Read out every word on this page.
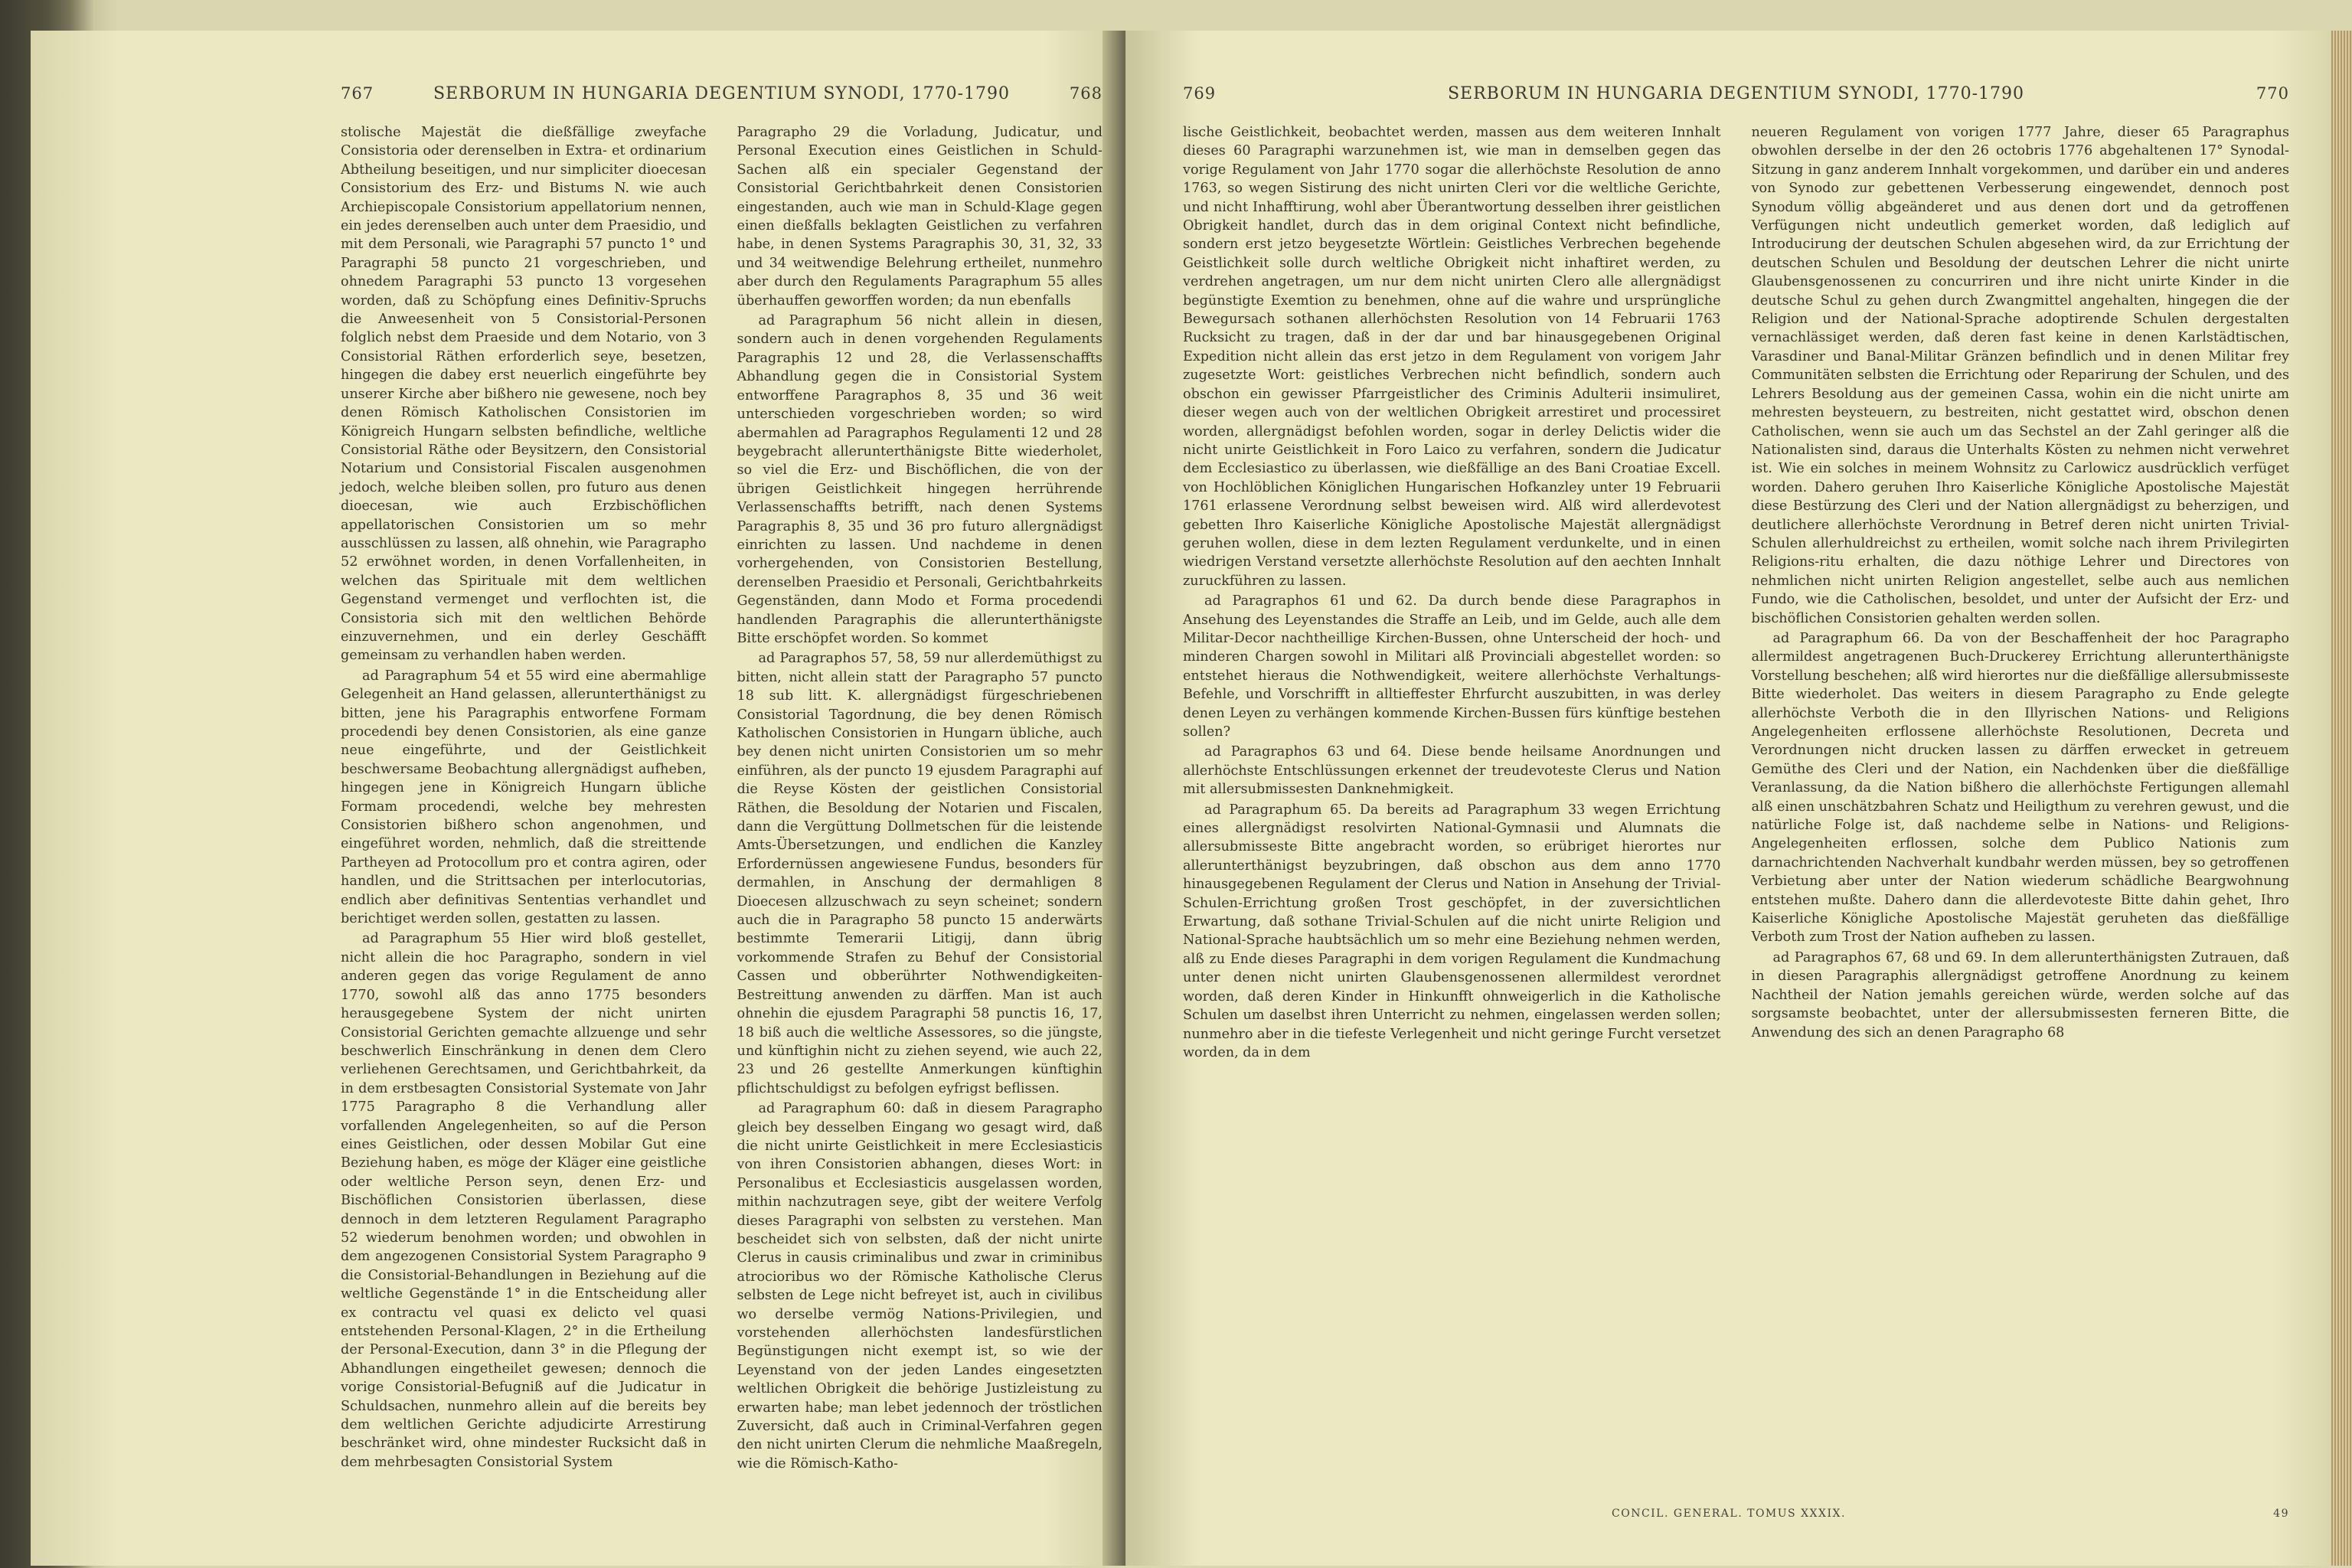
767	SERBORUM IN HUNGARIA DEGENTIUM SYNODI, 1770-1790	768

stolische Majestät die dießfällige zweyfache Consistoria oder derenselben in Extra- et ordinarium Abtheilung beseitigen, und nur simpliciter dioecesan Consistorium des Erz- und Bistums N. wie auch Archiepiscopale Consistorium appellatorium nennen, ein jedes derenselben auch unter dem Praesidio, und mit dem Personali, wie Paragraphi 57 puncto 1° und Paragraphi 58 puncto 21 vorgeschrieben, und ohnedem Paragraphi 53 puncto 13 vorgesehen worden, daß zu Schöpfung eines Definitiv-Spruchs die Anweesenheit von 5 Consistorial-Personen folglich nebst dem Praeside und dem Notario, von 3 Consistorial Räthen erforderlich seye, besetzen, hingegen die dabey erst neuerlich eingeführte bey unserer Kirche aber bißhero nie gewesene, noch bey denen Römisch Katholischen Consistorien im Königreich Hungarn selbsten befindliche, weltliche Consistorial Räthe oder Beysitzern, den Consistorial Notarium und Consistorial Fiscalen ausgenohmen jedoch, welche bleiben sollen, pro futuro aus denen dioecesan, wie auch Erzbischöflichen appellatorischen Consistorien um so mehr ausschlüssen zu lassen, alß ohnehin, wie Paragrapho 52 erwöhnet worden, in denen Vorfallenheiten, in welchen das Spirituale mit dem weltlichen Gegenstand vermenget und verflochten ist, die Consistoria sich mit den weltlichen Behörde einzuvernehmen, und ein derley Geschäfft gemeinsam zu verhandlen haben werden.

ad Paragraphum 54 et 55 wird eine abermahlige Gelegenheit an Hand gelassen, allerunterthänigst zu bitten, jene his Paragraphis entworfene Formam procedendi bey denen Consistorien, als eine ganze neue eingeführte, und der Geistlichkeit beschwersame Beobachtung allergnädigst aufheben, hingegen jene in Königreich Hungarn übliche Formam procedendi, welche bey mehresten Consistorien bißhero schon angenohmen, und eingeführet worden, nehmlich, daß die streittende Partheyen ad Protocollum pro et contra agiren, oder handlen, und die Strittsachen per interlocutorias, endlich aber definitivas Sententias verhandlet und berichtiget werden sollen, gestatten zu lassen.

ad Paragraphum 55 Hier wird bloß gestellet, nicht allein die hoc Paragrapho, sondern in viel anderen gegen das vorige Regulament de anno 1770, sowohl alß das anno 1775 besonders herausgegebene System der nicht unirten Consistorial Gerichten gemachte allzuenge und sehr beschwerlich Einschränkung in denen dem Clero verliehenen Gerechtsamen, und Gerichtbahrkeit, da in dem erstbesagten Consistorial Systemate von Jahr 1775 Paragrapho 8 die Verhandlung aller vorfallenden Angelegenheiten, so auf die Person eines Geistlichen, oder dessen Mobilar Gut eine Beziehung haben, es möge der Kläger eine geistliche oder weltliche Person seyn, denen Erz- und Bischöflichen Consistorien überlassen, diese dennoch in dem letzteren Regulament Paragrapho 52 wiederum benohmen worden; und obwohlen in dem angezogenen Consistorial System Paragrapho 9 die Consistorial-Behandlungen in Beziehung auf die weltliche Gegenstände 1° in die Entscheidung aller ex contractu vel quasi ex delicto vel quasi entstehenden Personal-Klagen, 2° in die Ertheilung der Personal-Execution, dann 3° in die Pflegung der Abhandlungen eingetheilet gewesen; dennoch die vorige Consistorial-Befugniß auf die Judicatur in Schuldsachen, nunmehro allein auf die bereits bey dem weltlichen Gerichte adjudicirte Arrestirung beschränket wird, ohne mindester Rucksicht daß in dem mehrbesagten Consistorial System

Paragrapho 29 die Vorladung, Judicatur, und Personal Execution eines Geistlichen in Schuld-Sachen alß ein specialer Gegenstand der Consistorial Gerichtbahrkeit denen Consistorien eingestanden, auch wie man in Schuld-Klage gegen einen dießfalls beklagten Geistlichen zu verfahren habe, in denen Systems Paragraphis 30, 31, 32, 33 und 34 weitwendige Belehrung ertheilet, nunmehro aber durch den Regulaments Paragraphum 55 alles überhauffen geworffen worden; da nun ebenfalls

ad Paragraphum 56 nicht allein in diesen, sondern auch in denen vorgehenden Regulaments Paragraphis 12 und 28, die Verlassenschaffts Abhandlung gegen die in Consistorial System entworffene Paragraphos 8, 35 und 36 weit unterschieden vorgeschrieben worden; so wird abermahlen ad Paragraphos Regulamenti 12 und 28 beygebracht allerunterthänigste Bitte wiederholet, so viel die Erz- und Bischöflichen, die von der übrigen Geistlichkeit hingegen herrührende Verlassenschaffts betrifft, nach denen Systems Paragraphis 8, 35 und 36 pro futuro allergnädigst einrichten zu lassen. Und nachdeme in denen vorhergehenden, von Consistorien Bestellung, derenselben Praesidio et Personali, Gerichtbahrkeits Gegenständen, dann Modo et Forma procedendi handlenden Paragraphis die allerunterthänigste Bitte erschöpfet worden. So kommet

ad Paragraphos 57, 58, 59 nur allerdemüthigst zu bitten, nicht allein statt der Paragrapho 57 puncto 18 sub litt. K. allergnädigst fürgeschriebenen Consistorial Tagordnung, die bey denen Römisch Katholischen Consistorien in Hungarn übliche, auch bey denen nicht unirten Consistorien um so mehr einführen, als der puncto 19 ejusdem Paragraphi auf die Reyse Kösten der geistlichen Consistorial Räthen, die Besoldung der Notarien und Fiscalen, dann die Vergüttung Dollmetschen für die leistende Amts-Übersetzungen, und endlichen die Kanzley Erfordernüssen angewiesene Fundus, besonders für dermahlen, in Anschung der dermahligen 8 Dioecesen allzuschwach zu seyn scheinet; sondern auch die in Paragrapho 58 puncto 15 anderwärts bestimmte Temerarii Litigij, dann übrig vorkommende Strafen zu Behuf der Consistorial Cassen und obberührter Nothwendigkeiten-Bestreittung anwenden zu därffen. Man ist auch ohnehin die ejusdem Paragraphi 58 punctis 16, 17, 18 biß auch die weltliche Assessores, so die jüngste, und künftighin nicht zu ziehen seyend, wie auch 22, 23 und 26 gestellte Anmerkungen künftighin pflichtschuldigst zu befolgen eyfrigst beflissen.

ad Paragraphum 60: daß in diesem Paragrapho gleich bey desselben Eingang wo gesagt wird, daß die nicht unirte Geistlichkeit in mere Ecclesiasticis von ihren Consistorien abhangen, dieses Wort: in Personalibus et Ecclesiasticis ausgelassen worden, mithin nachzutragen seye, gibt der weitere Verfolg dieses Paragraphi von selbsten zu verstehen. Man bescheidet sich von selbsten, daß der nicht unirte Clerus in causis criminalibus und zwar in criminibus atrocioribus wo der Römische Katholische Clerus selbsten de Lege nicht befreyet ist, auch in civilibus wo derselbe vermög Nations-Privilegien, und vorstehenden allerhöchsten landesfürstlichen Begünstigungen nicht exempt ist, so wie der Leyenstand von der jeden Landes eingesetzten weltlichen Obrigkeit die behörige Justizleistung zu erwarten habe; man lebet jedennoch der tröstlichen Zuversicht, daß auch in Criminal-Verfahren gegen den nicht unirten Clerum die nehmliche Maaßregeln, wie die Römisch-Katho-

769	SERBORUM IN HUNGARIA DEGENTIUM SYNODI, 1770-1790	770

lische Geistlichkeit, beobachtet werden, massen aus dem weiteren Innhalt dieses 60 Paragraphi warzunehmen ist, wie man in demselben gegen das vorige Regulament von Jahr 1770 sogar die allerhöchste Resolution de anno 1763, so wegen Sistirung des nicht unirten Cleri vor die weltliche Gerichte, und nicht Inhafftirung, wohl aber Überantwortung desselben ihrer geistlichen Obrigkeit handlet, durch das in dem original Context nicht befindliche, sondern erst jetzo beygesetzte Wörtlein: Geistliches Verbrechen begehende Geistlichkeit solle durch weltliche Obrigkeit nicht inhaftiret werden, zu verdrehen angetragen, um nur dem nicht unirten Clero alle allergnädigst begünstigte Exemtion zu benehmen, ohne auf die wahre und ursprüngliche Bewegursach sothanen allerhöchsten Resolution von 14 Februarii 1763 Rucksicht zu tragen, daß in der dar und bar hinausgegebenen Original Expedition nicht allein das erst jetzo in dem Regulament von vorigem Jahr zugesetzte Wort: geistliches Verbrechen nicht befindlich, sondern auch obschon ein gewisser Pfarrgeistlicher des Criminis Adulterii insimuliret, dieser wegen auch von der weltlichen Obrigkeit arrestiret und processiret worden, allergnädigst befohlen worden, sogar in derley Delictis wider die nicht unirte Geistlichkeit in Foro Laico zu verfahren, sondern die Judicatur dem Ecclesiastico zu überlassen, wie dießfällige an des Bani Croatiae Excell. von Hochlöblichen Königlichen Hungarischen Hofkanzley unter 19 Februarii 1761 erlassene Verordnung selbst beweisen wird. Alß wird allerdevotest gebetten Ihro Kaiserliche Königliche Apostolische Majestät allergnädigst geruhen wollen, diese in dem lezten Regulament verdunkelte, und in einen wiedrigen Verstand versetzte allerhöchste Resolution auf den aechten Innhalt zuruckführen zu lassen.

ad Paragraphos 61 und 62. Da durch bende diese Paragraphos in Ansehung des Leyenstandes die Straffe an Leib, und im Gelde, auch alle dem Militar-Decor nachtheillige Kirchen-Bussen, ohne Unterscheid der hoch- und minderen Chargen sowohl in Militari alß Provinciali abgestellet worden: so entstehet hieraus die Nothwendigkeit, weitere allerhöchste Verhaltungs-Befehle, und Vorschrifft in alltieffester Ehrfurcht auszubitten, in was derley denen Leyen zu verhängen kommende Kirchen-Bussen fürs künftige bestehen sollen?

ad Paragraphos 63 und 64. Diese bende heilsame Anordnungen und allerhöchste Entschlüssungen erkennet der treudevoteste Clerus und Nation mit allersubmissesten Danknehmigkeit.

ad Paragraphum 65. Da bereits ad Paragraphum 33 wegen Errichtung eines allergnädigst resolvirten National-Gymnasii und Alumnats die allersubmisseste Bitte angebracht worden, so erübriget hierortes nur allerunterthänigst beyzubringen, daß obschon aus dem anno 1770 hinausgegebenen Regulament der Clerus und Nation in Ansehung der Trivial-Schulen-Errichtung großen Trost geschöpfet, in der zuversichtlichen Erwartung, daß sothane Trivial-Schulen auf die nicht unirte Religion und National-Sprache haubtsächlich um so mehr eine Beziehung nehmen werden, alß zu Ende dieses Paragraphi in dem vorigen Regulament die Kundmachung unter denen nicht unirten Glaubensgenossenen allermildest verordnet worden, daß deren Kinder in Hinkunfft ohnweigerlich in die Katholische Schulen um daselbst ihren Unterricht zu nehmen, eingelassen werden sollen; nunmehro aber in die tiefeste Verlegenheit und nicht geringe Furcht versetzet worden, da in dem

neueren Regulament von vorigen 1777 Jahre, dieser 65 Paragraphus obwohlen derselbe in der den 26 octobris 1776 abgehaltenen 17° Synodal-Sitzung in ganz anderem Innhalt vorgekommen, und darüber ein und anderes von Synodo zur gebettenen Verbesserung eingewendet, dennoch post Synodum völlig abgeänderet und aus denen dort und da getroffenen Verfügungen nicht undeutlich gemerket worden, daß lediglich auf Introducirung der deutschen Schulen abgesehen wird, da zur Errichtung der deutschen Schulen und Besoldung der deutschen Lehrer die nicht unirte Glaubensgenossenen zu concurriren und ihre nicht unirte Kinder in die deutsche Schul zu gehen durch Zwangmittel angehalten, hingegen die der Religion und der National-Sprache adoptirende Schulen dergestalten vernachlässiget werden, daß deren fast keine in denen Karlstädtischen, Varasdiner und Banal-Militar Gränzen befindlich und in denen Militar frey Communitäten selbsten die Errichtung oder Reparirung der Schulen, und des Lehrers Besoldung aus der gemeinen Cassa, wohin ein die nicht unirte am mehresten beysteuern, zu bestreiten, nicht gestattet wird, obschon denen Catholischen, wenn sie auch um das Sechstel an der Zahl geringer alß die Nationalisten sind, daraus die Unterhalts Kösten zu nehmen nicht verwehret ist. Wie ein solches in meinem Wohnsitz zu Carlowicz ausdrücklich verfüget worden. Dahero geruhen Ihro Kaiserliche Königliche Apostolische Majestät diese Bestürzung des Cleri und der Nation allergnädigst zu beherzigen, und deutlichere allerhöchste Verordnung in Betref deren nicht unirten Trivial-Schulen allerhuldreichst zu ertheilen, womit solche nach ihrem Privilegirten Religions-ritu erhalten, die dazu nöthige Lehrer und Directores von nehmlichen nicht unirten Religion angestellet, selbe auch aus nemlichen Fundo, wie die Catholischen, besoldet, und unter der Aufsicht der Erz- und bischöflichen Consistorien gehalten werden sollen.

ad Paragraphum 66. Da von der Beschaffenheit der hoc Paragrapho allermildest angetragenen Buch-Druckerey Errichtung allerunterthänigste Vorstellung beschehen; alß wird hierortes nur die dießfällige allersubmisseste Bitte wiederholet. Das weiters in diesem Paragrapho zu Ende gelegte allerhöchste Verboth die in den Illyrischen Nations- und Religions Angelegenheiten erflossene allerhöchste Resolutionen, Decreta und Verordnungen nicht drucken lassen zu därffen erwecket in getreuem Gemüthe des Cleri und der Nation, ein Nachdenken über die dießfällige Veranlassung, da die Nation bißhero die allerhöchste Fertigungen allemahl alß einen unschätzbahren Schatz und Heiligthum zu verehren gewust, und die natürliche Folge ist, daß nachdeme selbe in Nations- und Religions-Angelegenheiten erflossen, solche dem Publico Nationis zum darnachrichtenden Nachverhalt kundbahr werden müssen, bey so getroffenen Verbietung aber unter der Nation wiederum schädliche Beargwohnung entstehen mußte. Dahero dann die allerdevoteste Bitte dahin gehet, Ihro Kaiserliche Königliche Apostolische Majestät geruheten das dießfällige Verboth zum Trost der Nation aufheben zu lassen.

ad Paragraphos 67, 68 und 69. In dem allerunterthänigsten Zutrauen, daß in diesen Paragraphis allergnädigst getroffene Anordnung zu keinem Nachtheil der Nation jemahls gereichen würde, werden solche auf das sorgsamste beobachtet, unter der allersubmissesten ferneren Bitte, die Anwendung des sich an denen Paragrapho 68

CONCIL. GENERAL. TOMUS XXXIX.	49
